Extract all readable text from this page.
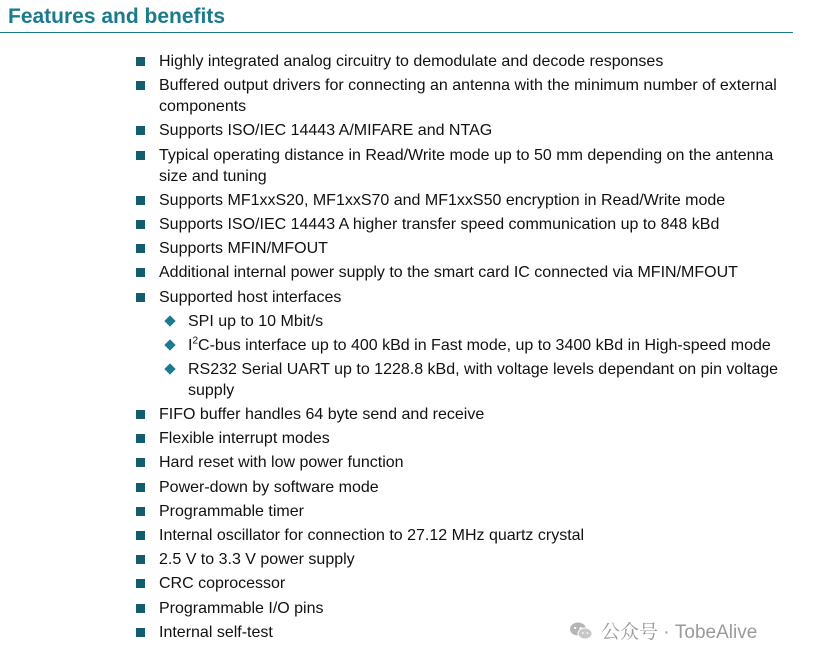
Features and benefits
Highly integrated analog circuitry to demodulate and decode responses
Buffered output drivers for connecting an antenna with the minimum number of external components
Supports ISO/IEC 14443 A/MIFARE and NTAG
Typical operating distance in Read/Write mode up to 50 mm depending on the antenna size and tuning
Supports MF1xxS20, MF1xxS70 and MF1xxS50 encryption in Read/Write mode
Supports ISO/IEC 14443 A higher transfer speed communication up to 848 kBd
Supports MFIN/MFOUT
Additional internal power supply to the smart card IC connected via MFIN/MFOUT
Supported host interfaces
SPI up to 10 Mbit/s
$I^2C$-bus interface up to 400 kBd in Fast mode, up to 3400 kBd in High-speed mode
RS232 Serial UART up to 1228.8 kBd, with voltage levels dependant on pin voltage supply
FIFO buffer handles 64 byte send and receive
Flexible interrupt modes
Hard reset with low power function
Power-down by software mode
Programmable timer
Internal oscillator for connection to 27.12 MHz quartz crystal
2.5 V to 3.3 V power supply
CRC coprocessor
Programmable I/O pins
Internal self-test	公众号 · TobeAlive
